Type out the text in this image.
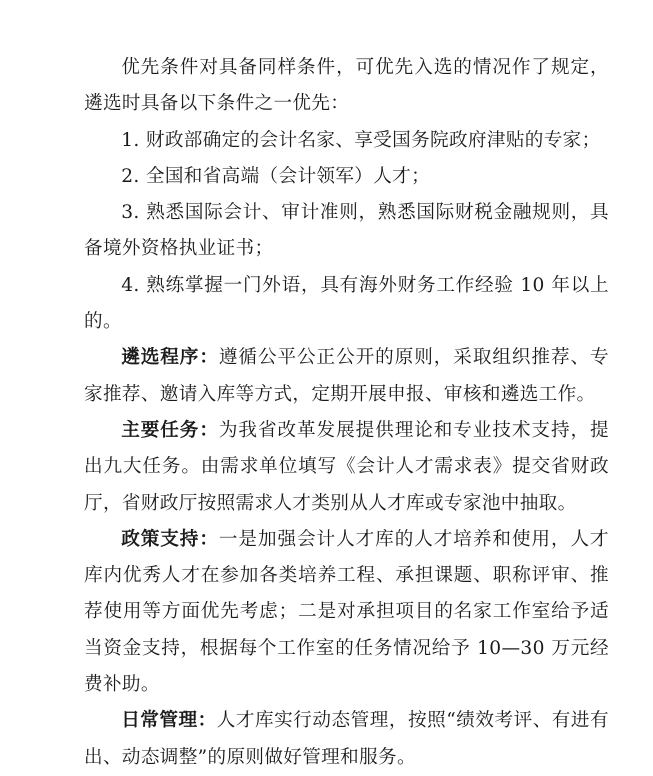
优先条件对具备同样条件，可优先入选的情况作了规定，遴选时具备以下条件之一优先：

1. 财政部确定的会计名家、享受国务院政府津贴的专家；

2. 全国和省高端（会计领军）人才；

3. 熟悉国际会计、审计准则，熟悉国际财税金融规则，具备境外资格执业证书；

4. 熟练掌握一门外语，具有海外财务工作经验 10 年以上的。

遴选程序：遵循公平公正公开的原则，采取组织推荐、专家推荐、邀请入库等方式，定期开展申报、审核和遴选工作。

主要任务：为我省改革发展提供理论和专业技术支持，提出九大任务。由需求单位填写《会计人才需求表》提交省财政厅，省财政厅按照需求人才类别从人才库或专家池中抽取。

政策支持：一是加强会计人才库的人才培养和使用，人才库内优秀人才在参加各类培养工程、承担课题、职称评审、推荐使用等方面优先考虑；二是对承担项目的名家工作室给予适当资金支持，根据每个工作室的任务情况给予 10—30 万元经费补助。

日常管理：人才库实行动态管理，按照“绩效考评、有进有出、动态调整”的原则做好管理和服务。
